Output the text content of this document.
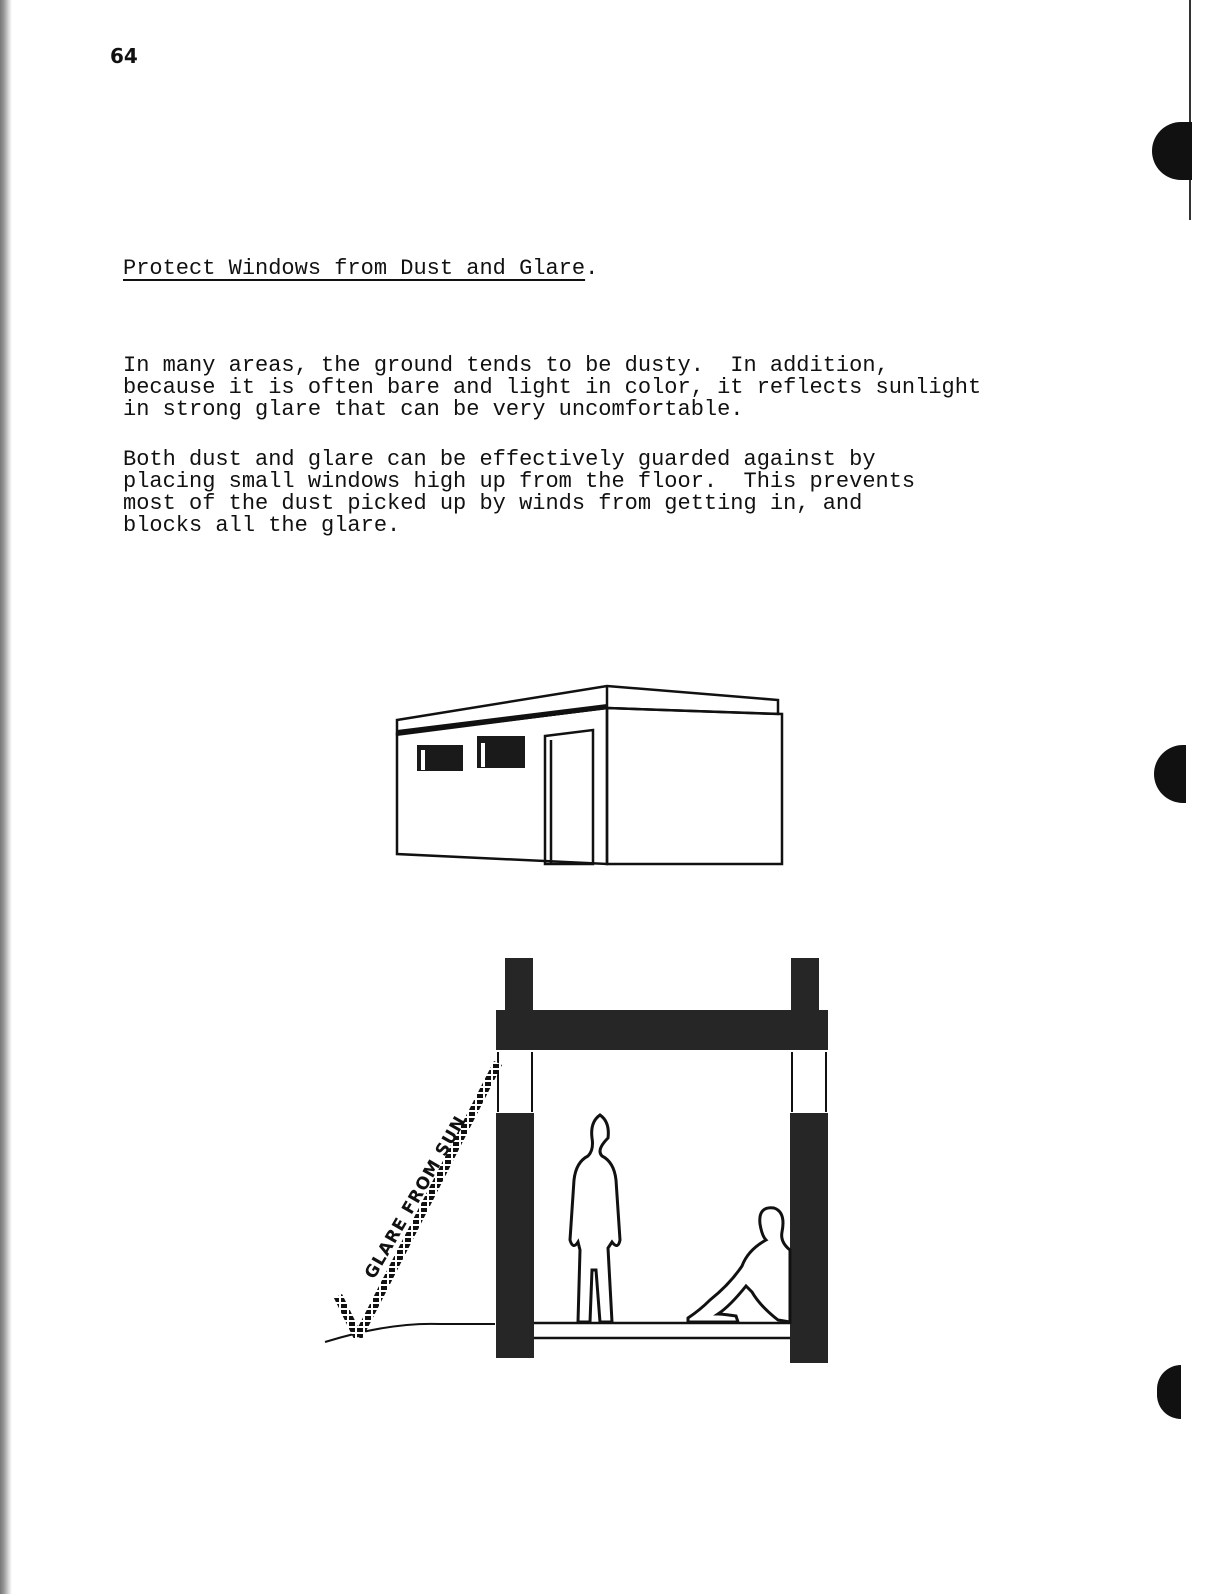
64
Protect Windows from Dust and Glare.

In many areas, the ground tends to be dusty.  In addition,
because it is often bare and light in color, it reflects sunlight
in strong glare that can be very uncomfortable.

Both dust and glare can be effectively guarded against by
placing small windows high up from the floor.  This prevents
most of the dust picked up by winds from getting in, and
blocks all the glare.

GLARE FROM SUN
